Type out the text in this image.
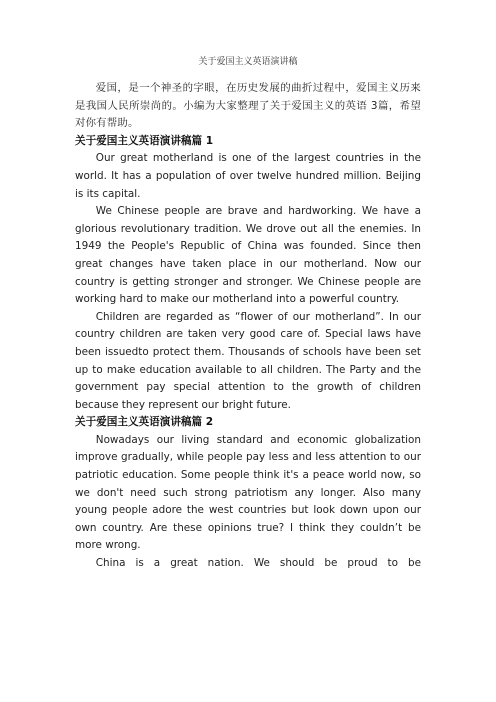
关于爱国主义英语演讲稿

爱国，是一个神圣的字眼，在历史发展的曲折过程中，爱国主义历来是我国人民所崇尚的。小编为大家整理了关于爱国主义的英语 3篇，希望对你有帮助。

关于爱国主义英语演讲稿篇 1

Our great motherland is one of the largest countries in the world. It has a population of over twelve hundred million. Beijing is its capital.

We Chinese people are brave and hardworking. We have a glorious revolutionary tradition. We drove out all the enemies. In 1949 the People's Republic of China was founded. Since then great changes have taken place in our motherland. Now our country is getting stronger and stronger. We Chinese people are working hard to make our motherland into a powerful country.

Children are regarded as “flower of our motherland”. In our country children are taken very good care of. Special laws have been issuedto protect them. Thousands of schools have been set up to make education available to all children. The Party and the government pay special attention to the growth of children because they represent our bright future.

关于爱国主义英语演讲稿篇 2

Nowadays our living standard and economic globalization improve gradually, while people pay less and less attention to our patriotic education. Some people think it's a peace world now, so we don't need such strong patriotism any longer. Also many young people adore the west countries but look down upon our own country. Are these opinions true? I think they couldn’t be more wrong.

China is a great nation. We should be proud to be
